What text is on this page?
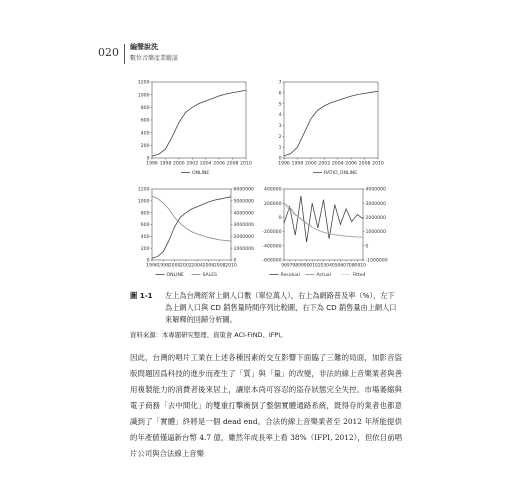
020 編聲說洗
數位音樂產業縱談
0
200
400
600
800
1000
1200
1996 1998 2000 2002 2004 2006 2008 2010
ONLINE
0
1
2
3
4
5
6
7
1996 1998 2000 2002 2004 2006 2008 2010
RATIO_ONLINE
0
200
400
600
800
1000
1200
0
1000000
2000000
3000000
4000000
5000000
6000000
1996 1998 2000 2002 2004 2006 2008 2010
ONLINE	SALES
-600000
-400000
-200000
0
200000
400000
-1000000
0
1000000
2000000
3000000
4000000
96 97 98 99 00 01 02 03 04 05 06 07 08 09 10
Residual	Actual	Fitted
圖 1-1 左上為台灣經常上網人口數（單位萬人），右上為網路普及率（%），左下為上網人口與 CD 銷售量時間序列比較圖，右下為 CD 銷售量由上網人口來解釋的回歸分析圖。
資料來源：本專題研究整理、資策會 ACI-FIND、IFPI。

因此，台灣的唱片工業在上述各種因素的交互影響下面臨了三難的局面，加影音盜版問題因爲科技的進步而產生了「質」與「量」的改變，非法的線上音樂業者與善用複製能力的消費者後來居上，讓原本尚可容忍的盜存狀態完全失控。市場萎縮與電子商務「去中間化」的雙重打擊衝倒了整個實體通路系統，既得存的業者也都意識到了「實體」終將是一個 dead end。合法的線上音樂業者至 2012 年所能提供的年產値僅逼新台幣 4.7 億，雖然年成長率上看 38%（IFPI, 2012），但依目前唱片公司與合法線上音樂
